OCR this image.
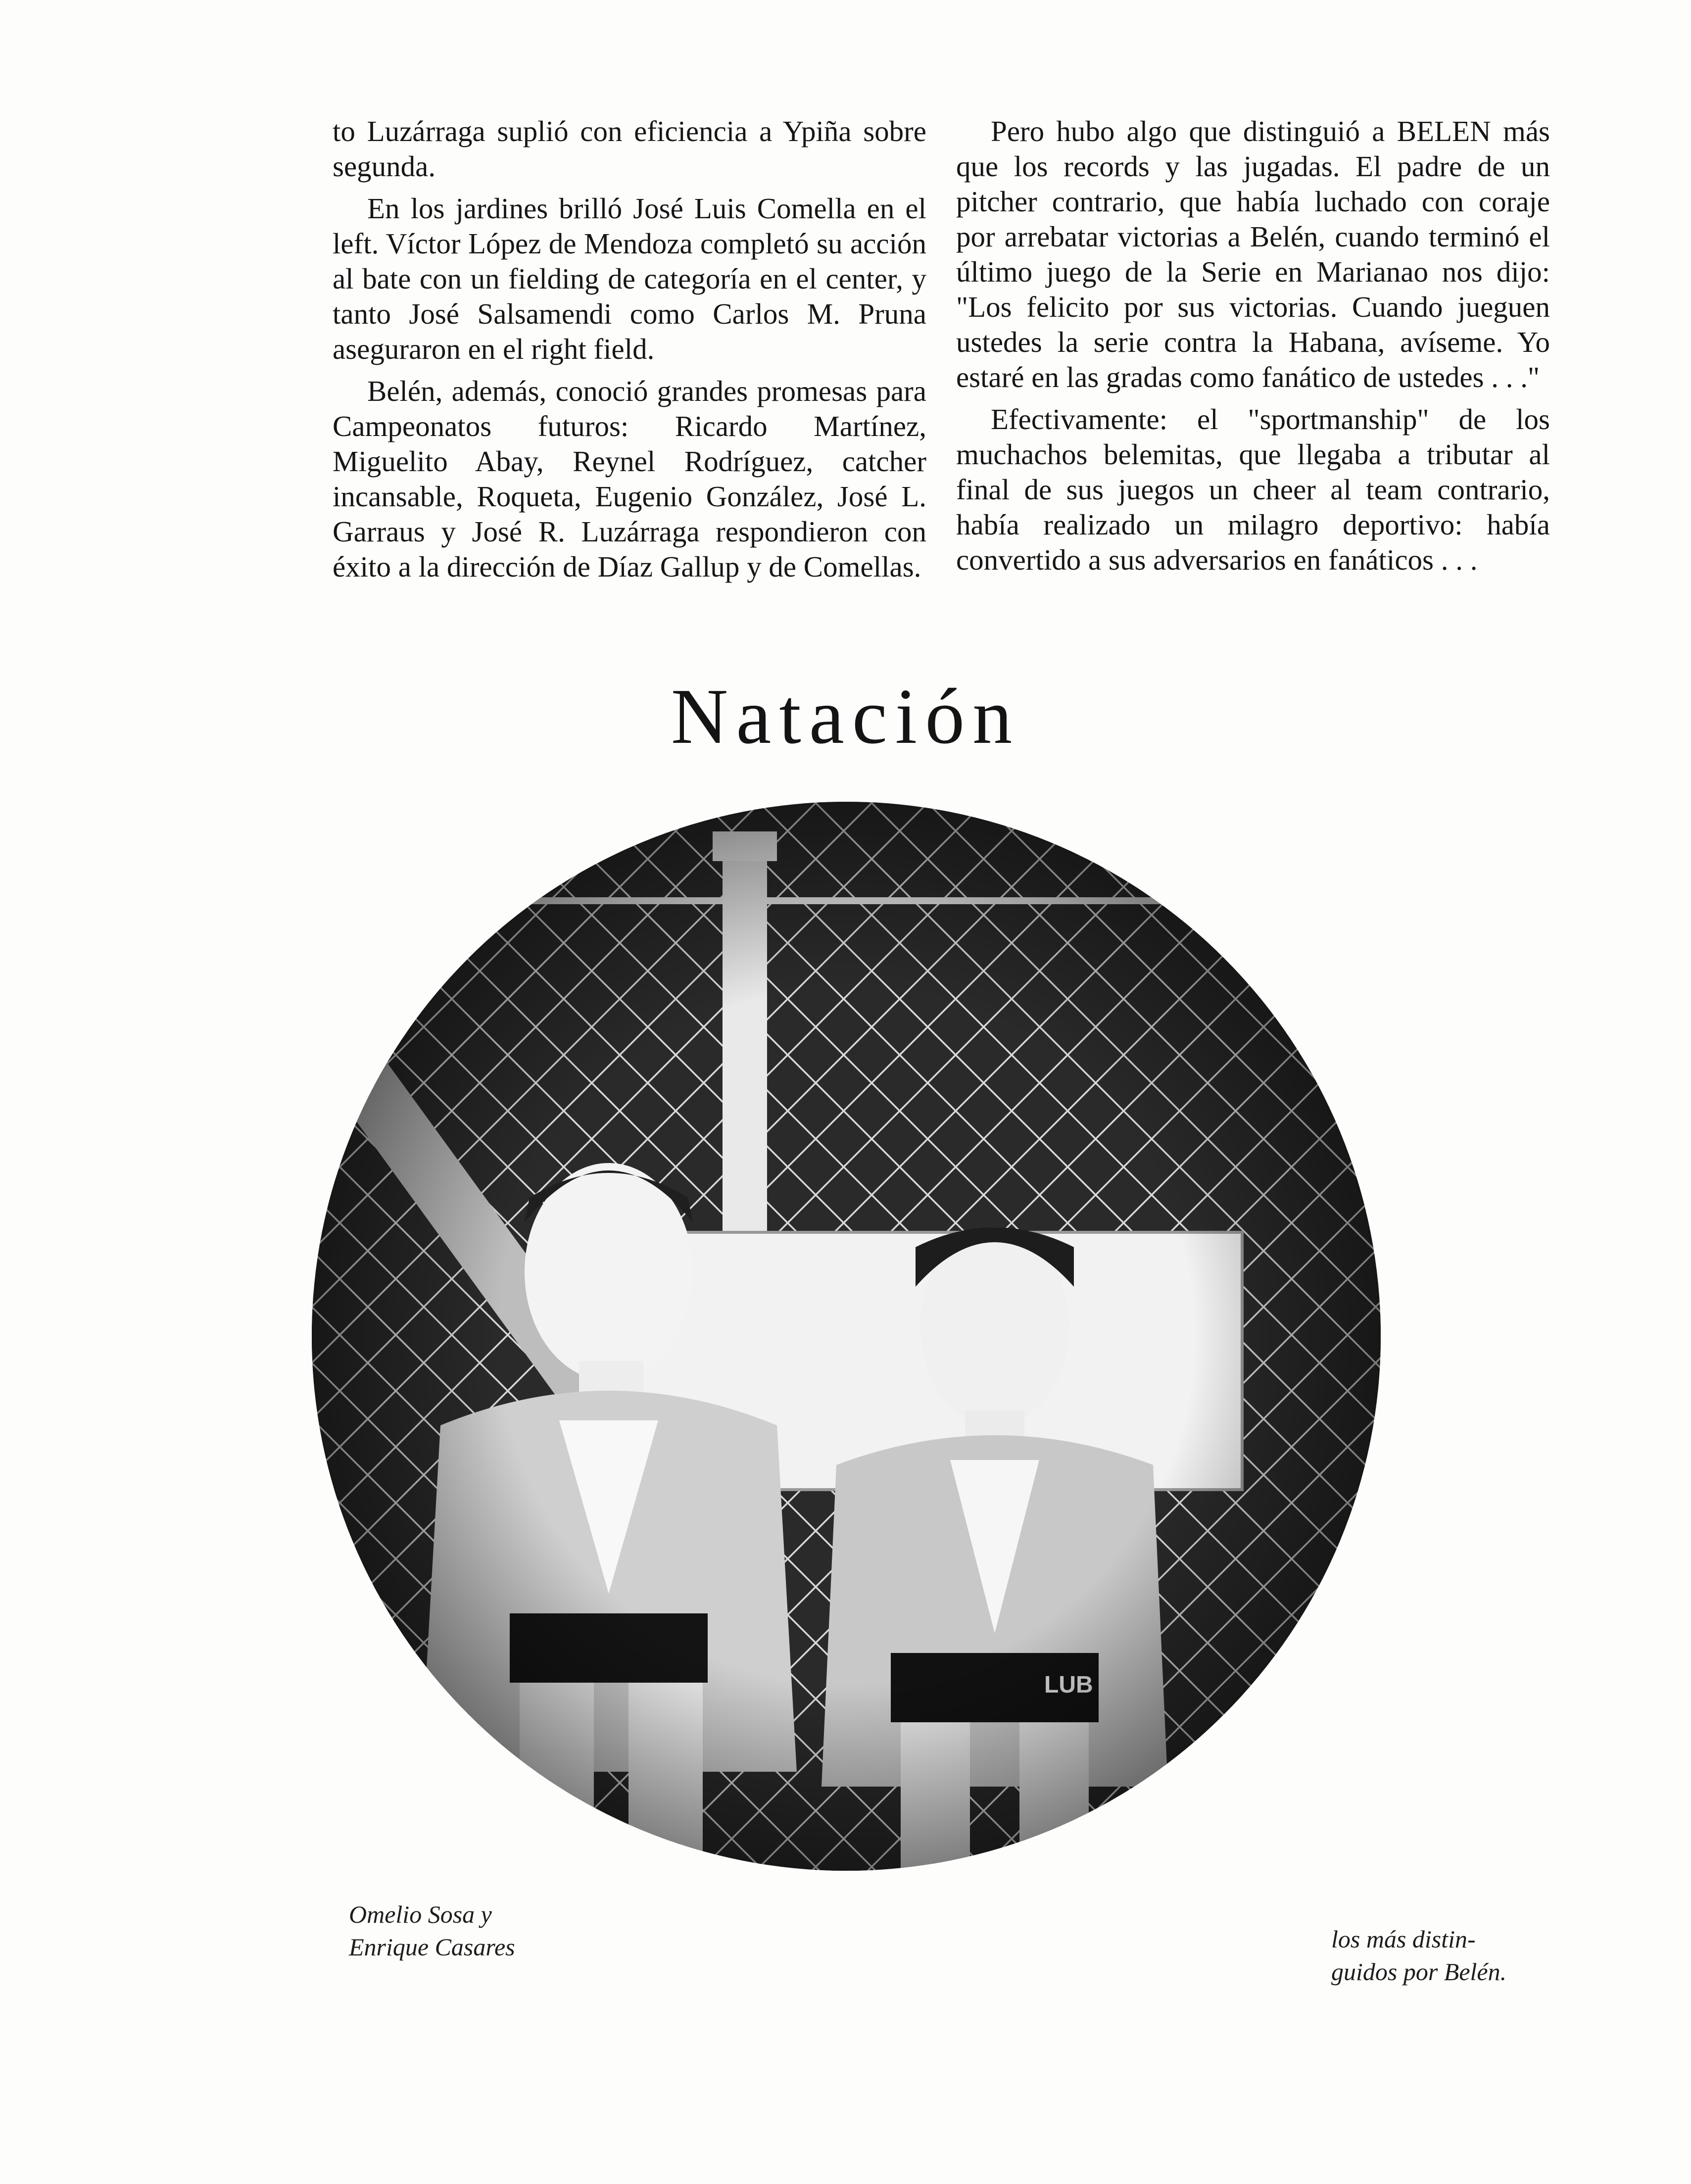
to Luzárraga suplió con eficiencia a Ypiña sobre segunda.

En los jardines brilló José Luis Comella en el left. Víctor López de Mendoza completó su acción al bate con un fielding de categoría en el center, y tanto José Salsamendi como Carlos M. Pruna aseguraron en el right field.

Belén, además, conoció grandes promesas para Campeonatos futuros: Ricardo Martínez, Miguelito Abay, Reynel Rodríguez, catcher incansable, Roqueta, Eugenio González, José L. Garraus y José R. Luzárraga respondieron con éxito a la dirección de Díaz Gallup y de Comellas.

Pero hubo algo que distinguió a BELEN más que los records y las jugadas. El padre de un pitcher contrario, que había luchado con coraje por arrebatar victorias a Belén, cuando terminó el último juego de la Serie en Marianao nos dijo: "Los felicito por sus victorias. Cuando jueguen ustedes la serie contra la Habana, avíseme. Yo estaré en las gradas como fanático de ustedes . . ."

Efectivamente: el "sportmanship" de los muchachos belemitas, que llegaba a tributar al final de sus juegos un cheer al team contrario, había realizado un milagro deportivo: había convertido a sus adversarios en fanáticos . . .

Natación
Omelio Sosa y
Enrique Casares	los más distin-
guidos por Belén.
